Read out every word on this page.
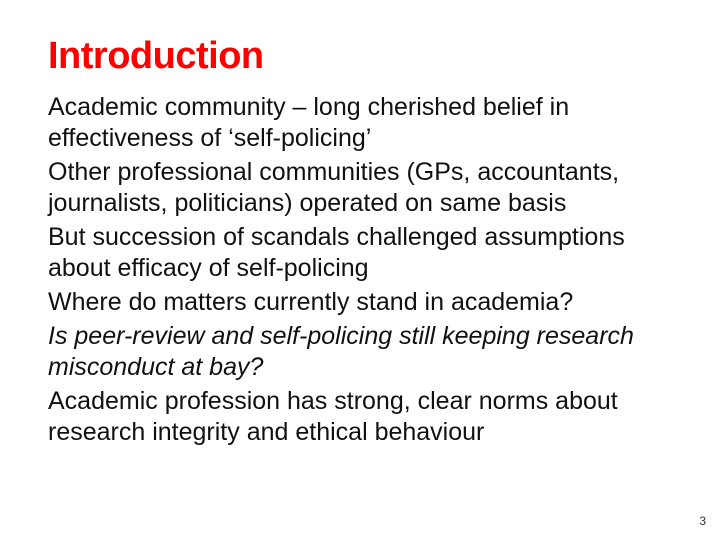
Introduction
Academic community – long cherished belief in
effectiveness of ‘self-policing’
Other professional communities (GPs, accountants,
journalists, politicians) operated on same basis
But succession of scandals challenged assumptions
about efficacy of self-policing
Where do matters currently stand in academia?
Is peer-review and self-policing still keeping research
misconduct at bay?
Academic profession has strong, clear norms about
research integrity and ethical behaviour
3
